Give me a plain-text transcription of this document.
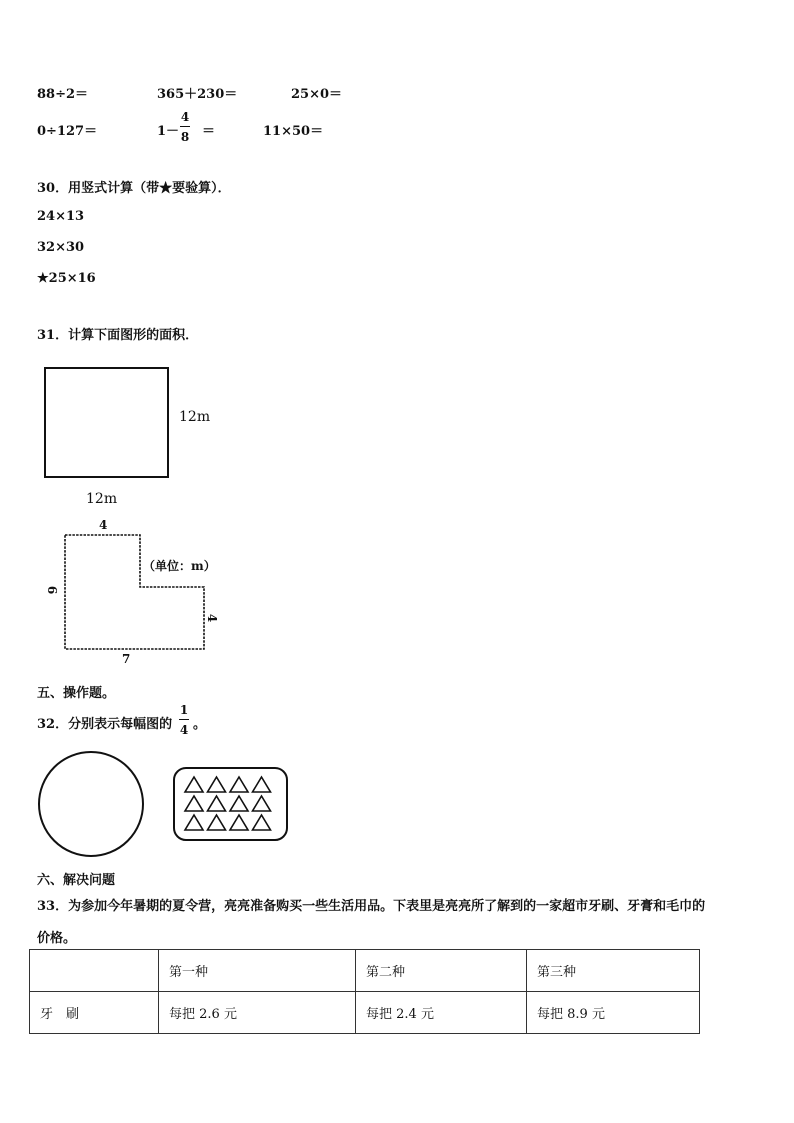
88÷2＝	365＋230＝	25×0＝
0÷127＝	1－
4
8 ＝	11×50＝
30．用竖式计算（带★要验算）．
24×13
32×30
★25×16
31．计算下面图形的面积．
12m
12m
4
6
4
7
（单位：m）
五、操作题。
32．分别表示每幅图的
1
4 。
六、解决问题
33．为参加今年暑期的夏令营，亮亮准备购买一些生活用品。下表里是亮亮所了解到的一家超市牙刷、牙膏和毛巾的
价格。
	第一种	第二种	第三种
牙　刷	每把 2.6 元	每把 2.4 元	每把 8.9 元
